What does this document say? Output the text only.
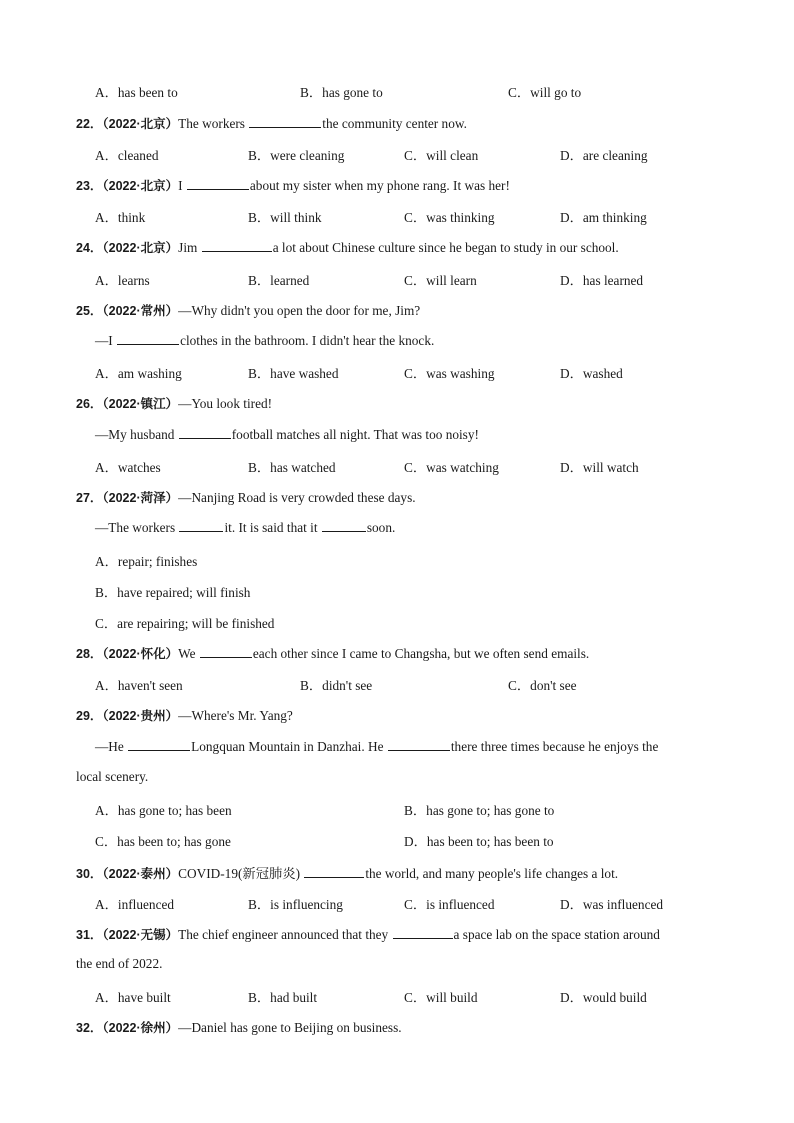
A．has been to	B．has gone to	C．will go to
22．（2022·北京）The workers	the community center now.
A．cleaned	B．were cleaning	C．will clean	D．are cleaning
23．（2022·北京）I	about my sister when my phone rang. It was her!
A．think	B．will think	C．was thinking	D．am thinking
24．（2022·北京）Jim	a lot about Chinese culture since he began to study in our school.
A．learns	B．learned	C．will learn	D．has learned
25．（2022·常州）—Why didn't you open the door for me, Jim?
—I	clothes in the bathroom. I didn't hear the knock.
A．am washing	B．have washed	C．was washing	D．washed
26．（2022·镇江）—You look tired!
—My husband	football matches all night. That was too noisy!
A．watches	B．has watched	C．was watching	D．will watch
27．（2022·菏泽）—Nanjing Road is very crowded these days.
—The workers	it. It is said that it	soon.
A．repair; finishes
B．have repaired; will finish
C．are repairing; will be finished
28．（2022·怀化）We	each other since I came to Changsha, but we often send emails.
A．haven't seen	B．didn't see	C．don't see
29．（2022·贵州）—Where's Mr. Yang?
—He	Longquan Mountain in Danzhai. He	there three times because he enjoys the
local scenery.
A．has gone to; has been	B．has gone to; has gone to
C．has been to; has gone	D．has been to; has been to
30．（2022·泰州）COVID-19(新冠肺炎)	the world, and many people's life changes a lot.
A．influenced	B．is influencing	C．is influenced	D．was influenced
31．（2022·无锡）The chief engineer announced that they	a space lab on the space station around
the end of 2022.
A．have built	B．had built	C．will build	D．would build
32．（2022·徐州）—Daniel has gone to Beijing on business.
